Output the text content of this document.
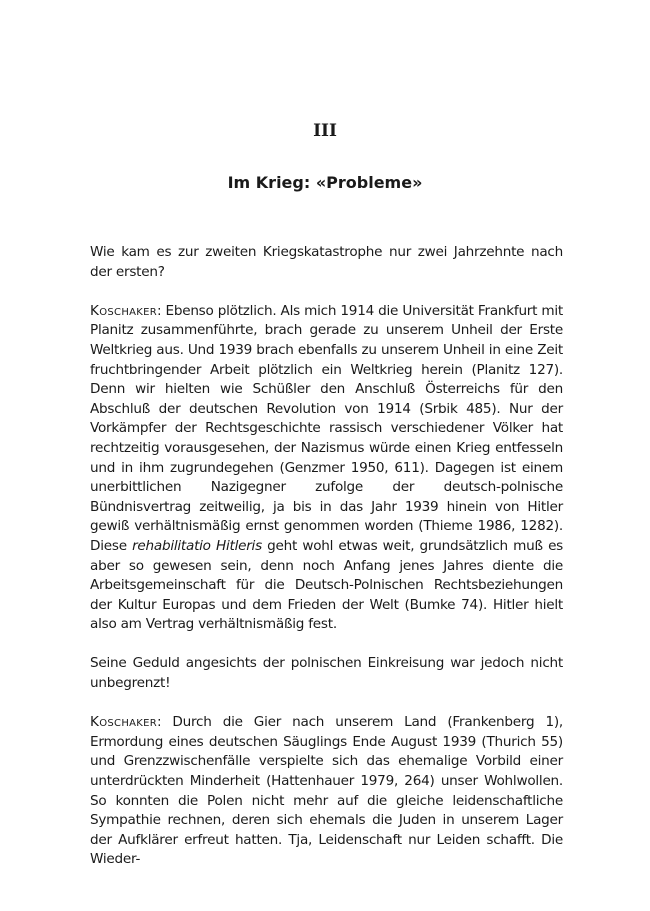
III
Im Krieg: «Probleme»

Wie kam es zur zweiten Kriegskatastrophe nur zwei Jahrzehnte nach der ersten?

Koschaker: Ebenso plötzlich. Als mich 1914 die Universität Frankfurt mit Planitz zusammenführte, brach gerade zu unserem Unheil der Erste Weltkrieg aus. Und 1939 brach ebenfalls zu unserem Unheil in eine Zeit fruchtbringender Arbeit plötzlich ein Weltkrieg herein (Planitz 127). Denn wir hielten wie Schüßler den Anschluß Österreichs für den Abschluß der deutschen Revolution von 1914 (Srbik 485). Nur der Vorkämpfer der Rechtsgeschichte rassisch verschiedener Völker hat rechtzeitig vorausgesehen, der Nazismus würde einen Krieg entfesseln und in ihm zugrundegehen (Genzmer 1950, 611). Dagegen ist einem unerbittlichen Nazigegner zufolge der deutsch-polnische Bündnisvertrag zeitweilig, ja bis in das Jahr 1939 hinein von Hitler gewiß verhältnismäßig ernst genommen worden (Thieme 1986, 1282). Diese rehabilitatio Hitleris geht wohl etwas weit, grundsätzlich muß es aber so gewesen sein, denn noch Anfang jenes Jahres diente die Arbeitsgemeinschaft für die Deutsch-Polnischen Rechtsbeziehungen der Kultur Europas und dem Frieden der Welt (Bumke 74). Hitler hielt also am Vertrag verhältnismäßig fest.

Seine Geduld angesichts der polnischen Einkreisung war jedoch nicht unbegrenzt!

Koschaker: Durch die Gier nach unserem Land (Frankenberg 1), Ermordung eines deutschen Säuglings Ende August 1939 (Thurich 55) und Grenzzwischenfälle verspielte sich das ehemalige Vorbild einer unterdrückten Minderheit (Hattenhauer 1979, 264) unser Wohlwollen. So konnten die Polen nicht mehr auf die gleiche leidenschaftliche Sympathie rechnen, deren sich ehemals die Juden in unserem Lager der Aufklärer erfreut hatten. Tja, Leidenschaft nur Leiden schafft. Die Wieder-
